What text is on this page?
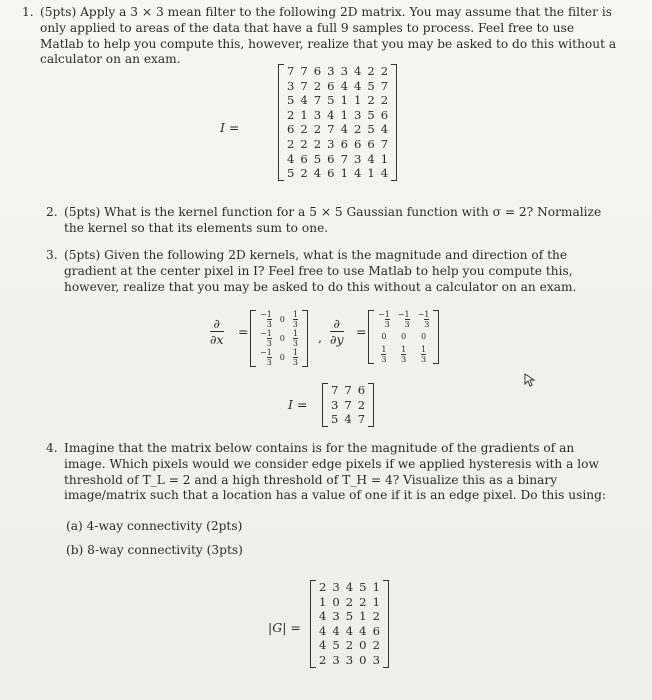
1. (5pts) Apply a 3 × 3 mean filter to the following 2D matrix. You may assume that the filter is only applied to areas of the data that have a full 9 samples to process. Feel free to use Matlab to help you compute this, however, realize that you may be asked to do this without a calculator on an exam.
I =
7	7	6	3	3	4	2	2
3	7	2	6	4	4	5	7
5	4	7	5	1	1	2	2
2	1	3	4	1	3	5	6
6	2	2	7	4	2	5	4
2	2	2	3	6	6	6	7
4	6	5	6	7	3	4	1
5	2	4	6	1	4	1	4
2. (5pts) What is the kernel function for a 5 × 5 Gaussian function with σ = 2? Normalize the kernel so that its elements sum to one.
3. (5pts) Given the following 2D kernels, what is the magnitude and direction of the gradient at the center pixel in I? Feel free to use Matlab to help you compute this, however, realize that you may be asked to do this without a calculator on an exam.
∂
∂x
=
− $\frac{1}{3}$	0	$\frac{1}{3}$

− $\frac{1}{3}$	0	$\frac{1}{3}$

− $\frac{1}{3}$	0	$\frac{1}{3}$
,
∂
∂y
=
− $\frac{1}{3}$	− $\frac{1}{3}$	− $\frac{1}{3}$

0	0	0

$\frac{1}{3}$	$\frac{1}{3}$	$\frac{1}{3}$
I =
7	7	6
3	7	2
5	4	7
4. Imagine that the matrix below contains is for the magnitude of the gradients of an image. Which pixels would we consider edge pixels if we applied hysteresis with a low threshold of T_L = 2 and a high threshold of T_H = 4? Visualize this as a binary image/matrix such that a location has a value of one if it is an edge pixel. Do this using:
(a) 4-way connectivity (2pts)
(b) 8-way connectivity (3pts)
|G| =
2	3	4	5	1
1	0	2	2	1
4	3	5	1	2
4	4	4	4	6
4	5	2	0	2
2	3	3	0	3
